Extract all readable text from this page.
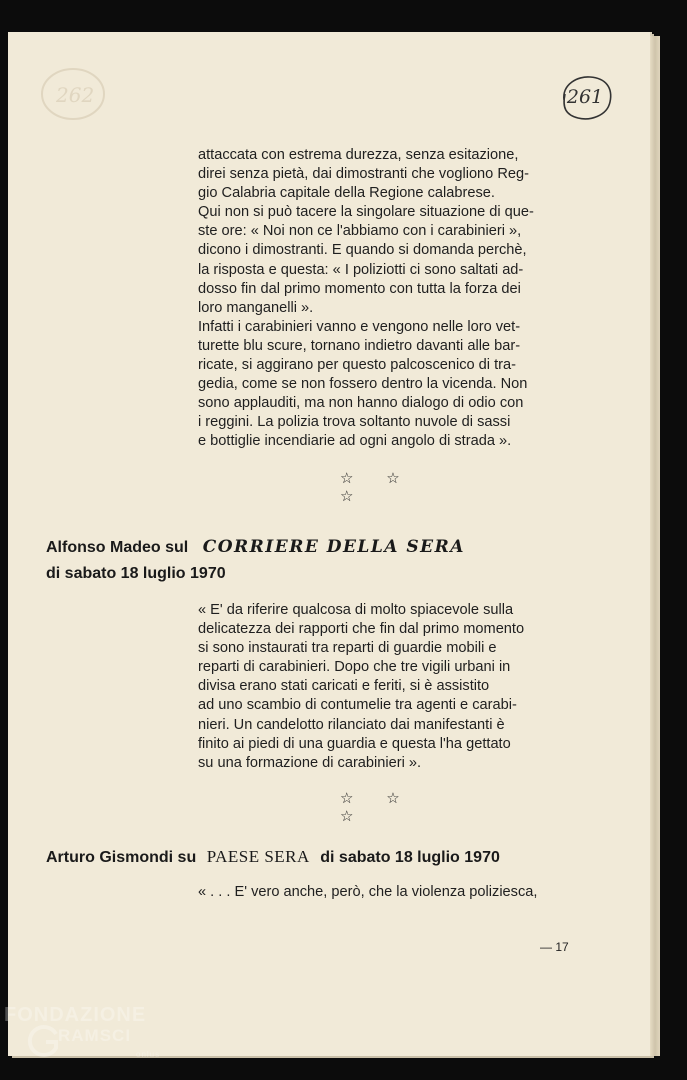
262	261

attaccata con estrema durezza, senza esitazione,

direi senza pietà, dai dimostranti che vogliono Reg-

gio Calabria capitale della Regione calabrese.

Qui non si può tacere la singolare situazione di que-

ste ore: « Noi non ce l'abbiamo con i carabinieri »,

dicono i dimostranti. E quando si domanda perchè,

la risposta e questa: « I poliziotti ci sono saltati ad-

dosso fin dal primo momento con tutta la forza dei

loro manganelli ».

Infatti i carabinieri vanno e vengono nelle loro vet-

turette blu scure, tornano indietro davanti alle bar-

ricate, si aggirano per questo palcoscenico di tra-

gedia, come se non fossero dentro la vicenda. Non

sono applauditi, ma non hanno dialogo di odio con

i reggini. La polizia trova soltanto nuvole di sassi

e bottiglie incendiarie ad ogni angolo di strada ».

☆ ☆ ☆
Alfonso Madeo sul CORRIERE DELLA SERA
di sabato 18 luglio 1970

« E' da riferire qualcosa di molto spiacevole sulla

delicatezza dei rapporti che fin dal primo momento

si sono instaurati tra reparti di guardie mobili e

reparti di carabinieri. Dopo che tre vigili urbani in

divisa erano stati caricati e feriti, si è assistito

ad uno scambio di contumelie tra agenti e carabi-

nieri. Un candelotto rilanciato dai manifestanti è

finito ai piedi di una guardia e questa l'ha gettato

su una formazione di carabinieri ».

☆ ☆ ☆
Arturo Gismondi su PAESE SERA di sabato 18 luglio 1970

« . . . E' vero anche, però, che la violenza poliziesca,

— 17
FONDAZIONE
RAMSCI
onlus
